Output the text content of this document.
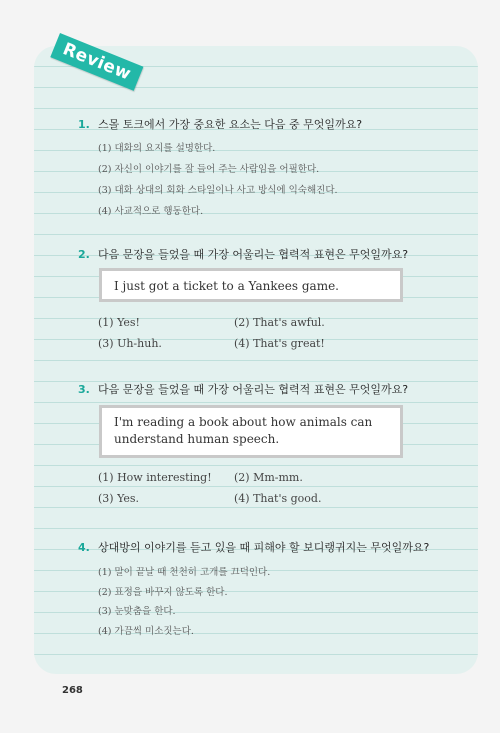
Review
1. 스몰 토크에서 가장 중요한 요소는 다음 중 무엇일까요?
(1) 대화의 요지를 설명한다.
(2) 자신이 이야기를 잘 들어 주는 사람임을 어필한다.
(3) 대화 상대의 회화 스타일이나 사고 방식에 익숙해진다.
(4) 사교적으로 행동한다.
2. 다음 문장을 들었을 때 가장 어울리는 협력적 표현은 무엇일까요?
I just got a ticket to a Yankees game.
(1) Yes!	(2) That's awful.
(3) Uh-huh.	(4) That's great!
3. 다음 문장을 들었을 때 가장 어울리는 협력적 표현은 무엇일까요?
I'm reading a book about how animals can
understand human speech.
(1) How interesting! (2) Mm-mm.
(3) Yes.	(4) That's good.
4. 상대방의 이야기를 듣고 있을 때 피해야 할 보디랭귀지는 무엇일까요?
(1) 말이 끝날 때 천천히 고개를 끄덕인다.
(2) 표정을 바꾸지 않도록 한다.
(3) 눈맞춤을 한다.
(4) 가끔씩 미소짓는다.
268
